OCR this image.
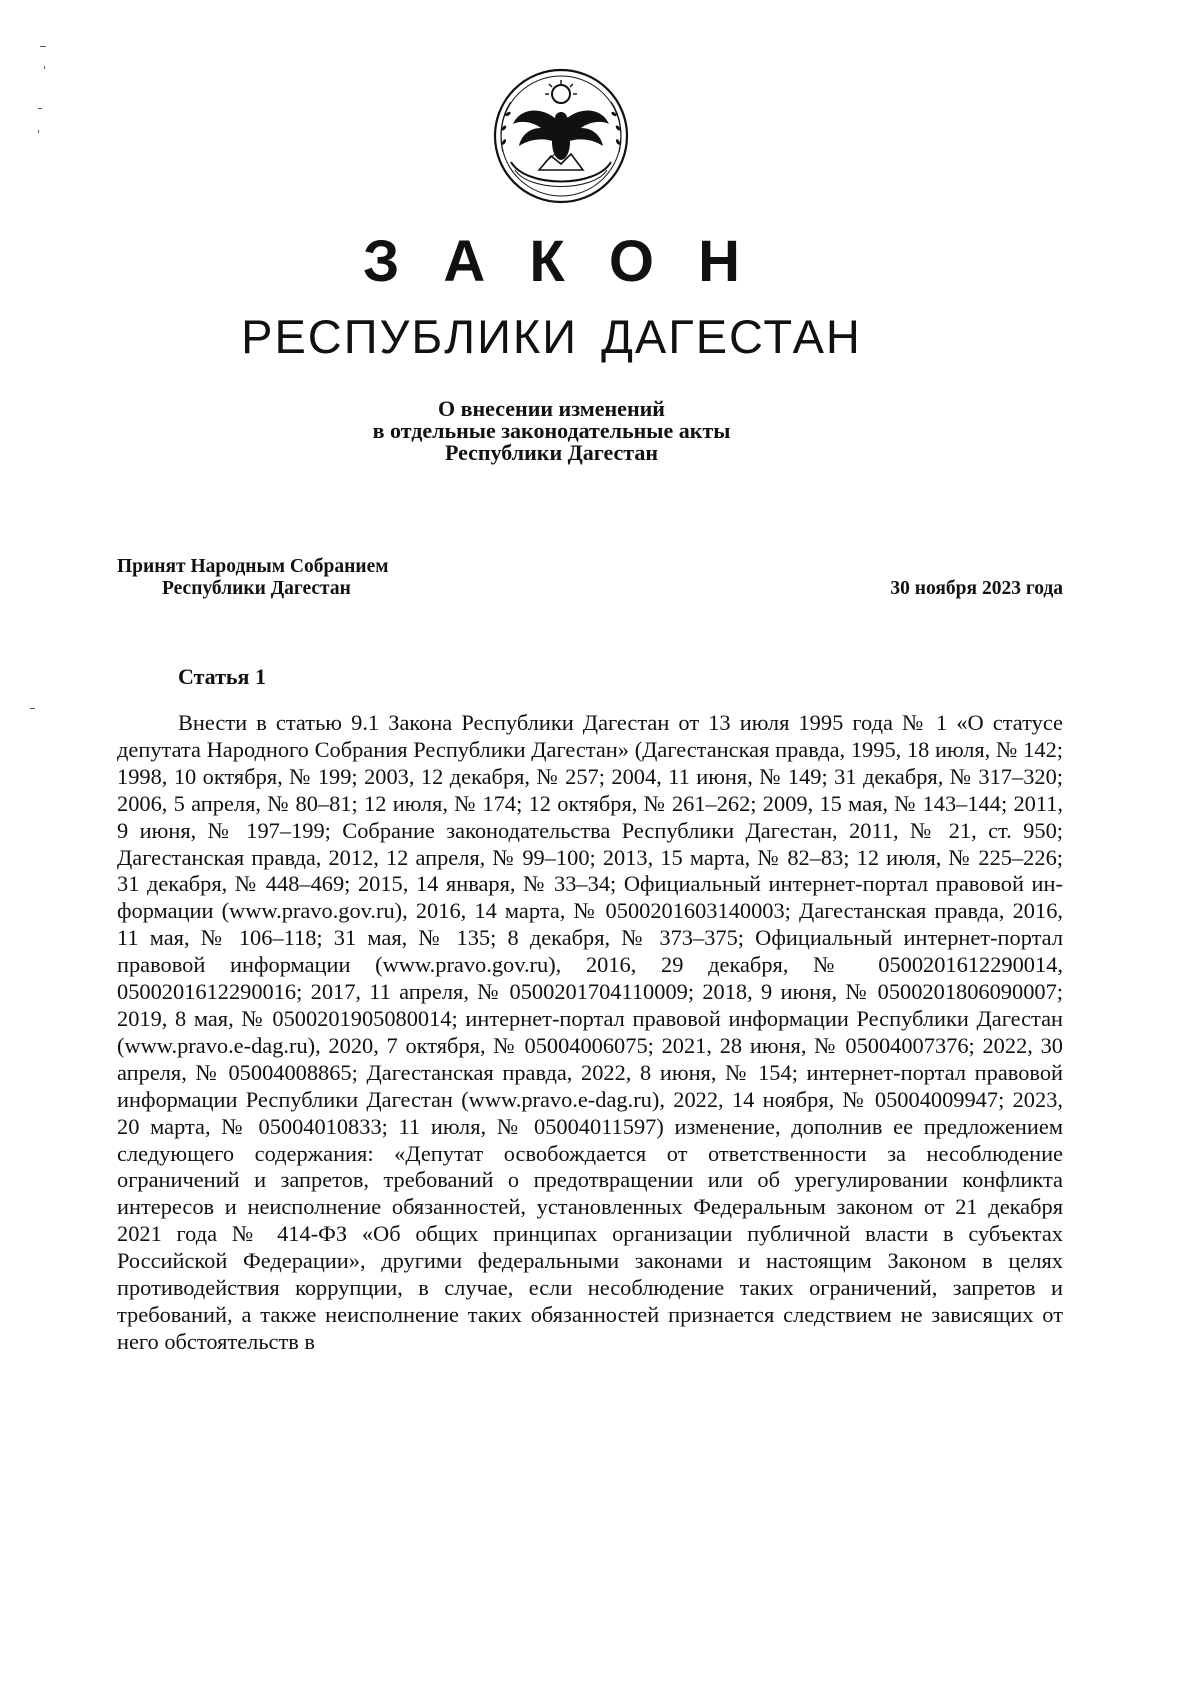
З А К О Н
РЕСПУБЛИКИ ДАГЕСТАН
О внесении изменений
в отдельные законодательные акты
Республики Дагестан
Принят Народным Собранием
Республики Дагестан	30 ноября 2023 года
Статья 1
Внести в статью 9.1 Закона Республики Дагестан от 13 июля 1995 года № 1 «О статусе депутата Народного Собрания Республики Дагестан» (Дагестанская правда, 1995, 18 июля, № 142; 1998, 10 октября, № 199; 2003, 12 декабря, № 257; 2004, 11 июня, № 149; 31 декабря, № 317–320; 2006, 5 апреля, № 80–81; 12 июля, № 174; 12 октября, № 261–262; 2009, 15 мая, № 143–144; 2011, 9 июня, № 197–199; Собрание законодательства Республики Дагестан, 2011, № 21, ст. 950; Дагестанская правда, 2012, 12 апреля, № 99–100; 2013, 15 марта, № 82–83; 12 июля, № 225–226; 31 декабря, № 448–469; 2015, 14 января, № 33–34; Официальный интернет-портал правовой информации (www.pravo.gov.ru), 2016, 14 марта, № 0500201603140003; Дагестанская правда, 2016, 11 мая, № 106–118; 31 мая, № 135; 8 декабря, № 373–375; Официальный интернет-портал правовой информации (www.pravo.gov.ru), 2016, 29 декабря, № 0500201612290014, 0500201612290016; 2017, 11 апреля, № 0500201704110009; 2018, 9 июня, № 0500201806090007; 2019, 8 мая, № 0500201905080014; интернет-портал правовой информации Республики Дагестан (www.pravo.e-dag.ru), 2020, 7 октября, № 05004006075; 2021, 28 июня, № 05004007376; 2022, 30 апреля, № 05004008865; Дагестанская правда, 2022, 8 июня, № 154; интернет-портал правовой информации Республики Дагестан (www.pravo.e-dag.ru), 2022, 14 ноября, № 05004009947; 2023, 20 марта, № 05004010833; 11 июля, № 05004011597) изменение, дополнив ее предложением следующего содержания: «Депутат освобождается от ответственности за несоблюдение ограничений и запретов, требований о предотвращении или об урегулировании конфликта интересов и неисполнение обязанностей, установленных Федеральным законом от 21 декабря 2021 года № 414-ФЗ «Об общих принципах организации публичной власти в субъектах Российской Федерации», другими федеральными законами и настоящим Законом в целях противодействия коррупции, в случае, если несоблюдение таких ограничений, запретов и требований, а также неисполнение таких обязанностей признается следствием не зависящих от него обстоятельств в
